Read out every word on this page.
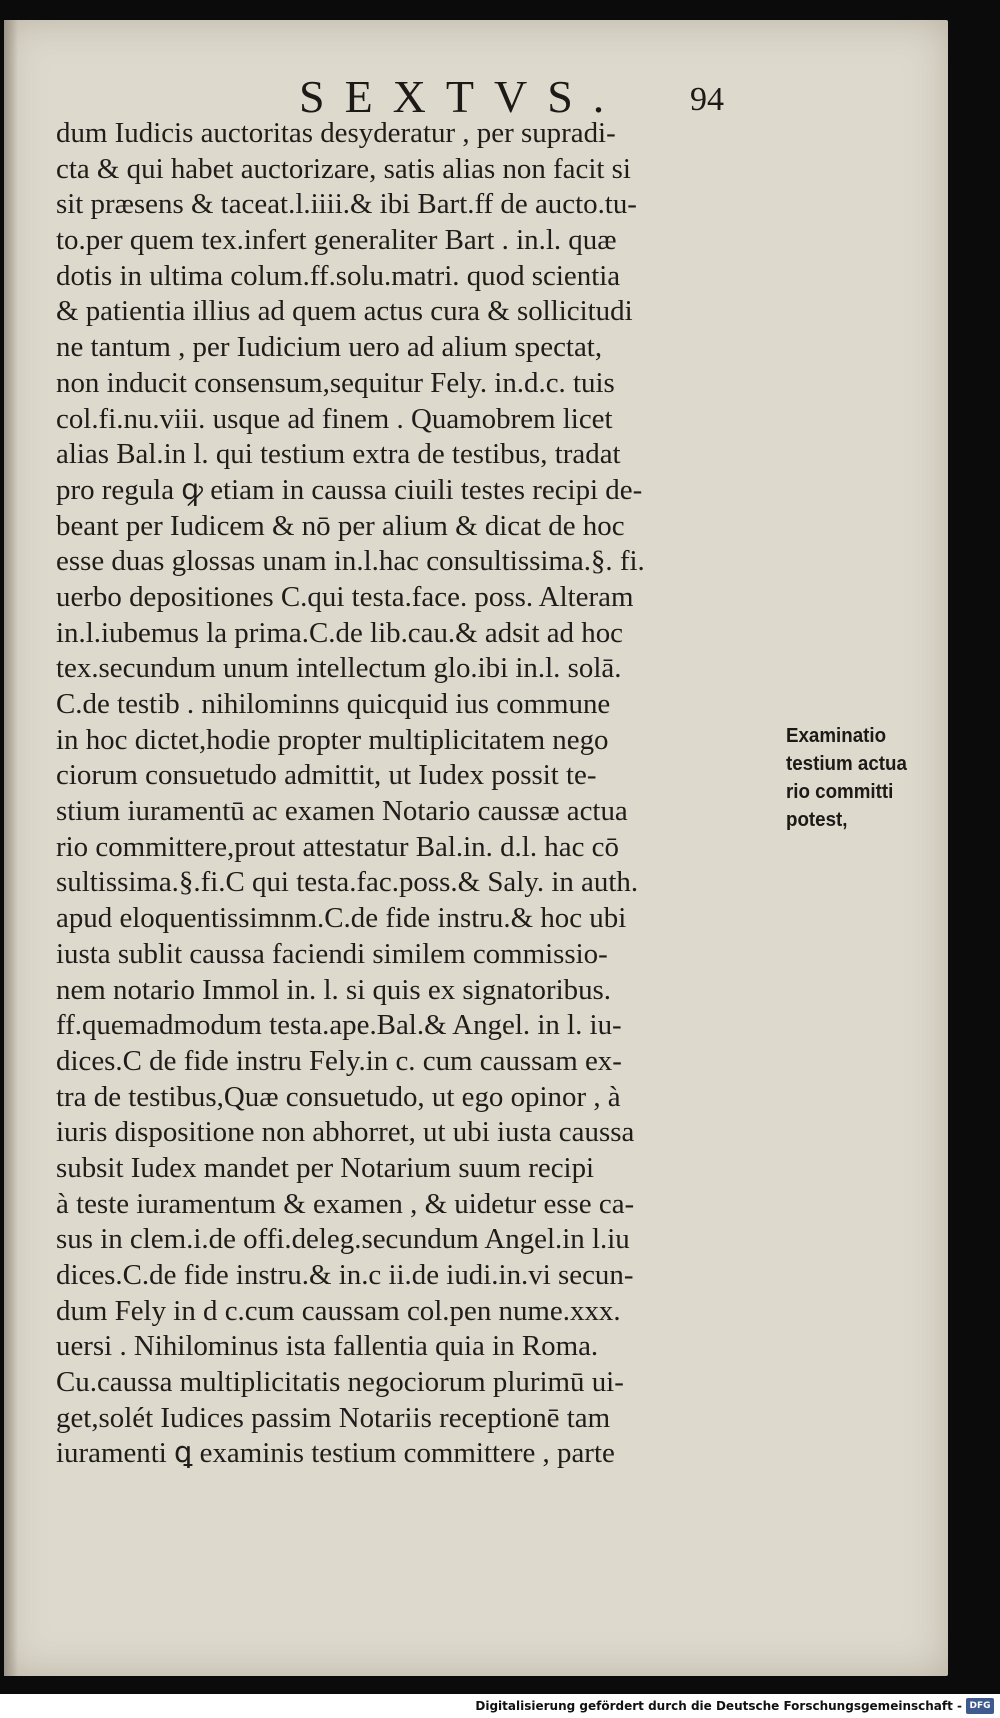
SEXTVS. 94
dum Iudicis auctoritas desyderatur , per supradi-
cta & qui habet auctorizare, satis alias non facit si
sit præsens & taceat.l.iiii.& ibi Bart.ff de aucto.tu-
to.per quem tex.infert generaliter Bart . in.l. quæ
dotis in ultima colum.ff.solu.matri. quod scientia
& patientia illius ad quem actus cura & sollicitudi
ne tantum , per Iudicium uero ad alium spectat,
non inducit consensum,sequitur Fely. in.d.c. tuis
col.fi.nu.viii. usque ad finem . Quamobrem licet
alias Bal.in l. qui testium extra de testibus, tradat
pro regula ꝙ etiam in caussa ciuili testes recipi de-
beant per Iudicem & nō per alium & dicat de hoc
esse duas glossas unam in.l.hac consultissima.§. fi.
uerbo depositiones C.qui testa.face. poss. Alteram
in.l.iubemus la prima.C.de lib.cau.& adsit ad hoc
tex.secundum unum intellectum glo.ibi in.l. solā.
C.de testib . nihilominns quicquid ius commune
in hoc dictet,hodie propter multiplicitatem nego
ciorum consuetudo admittit, ut Iudex possit te-
stium iuramentū ac examen Notario caussæ actua
rio committere,prout attestatur Bal.in. d.l. hac cō
sultissima.§.fi.C qui testa.fac.poss.& Saly. in auth.
apud eloquentissimnm.C.de fide instru.& hoc ubi
iusta sublit caussa faciendi similem commissio-
nem notario Immol in. l. si quis ex signatoribus.
ff.quemadmodum testa.ape.Bal.& Angel. in l. iu-
dices.C de fide instru Fely.in c. cum caussam ex-
tra de testibus,Quæ consuetudo, ut ego opinor , à
iuris dispositione non abhorret, ut ubi iusta caussa
subsit Iudex mandet per Notarium suum recipi
à teste iuramentum & examen , & uidetur esse ca-
sus in clem.i.de offi.deleg.secundum Angel.in l.iu
dices.C.de fide instru.& in.c ii.de iudi.in.vi secun-
dum Fely in d c.cum caussam col.pen nume.xxx.
uersi . Nihilominus ista fallentia quia in Roma.
Cu.caussa multiplicitatis negociorum plurimū ui-
get,solét Iudices passim Notariis receptionē tam
iuramenti ꝗ examinis testium committere , parte
Examinatio
testium actua
rio committi
potest,
Digitalisierung gefördert durch die Deutsche Forschungsgemeinschaft - DFG
